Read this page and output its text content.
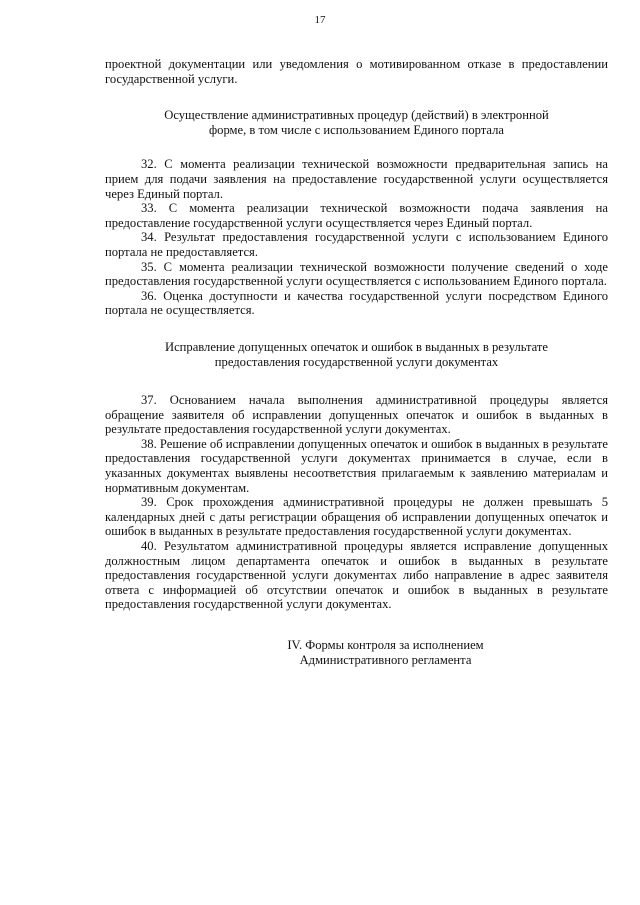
17

проектной документации или уведомления о мотивированном отказе в предоставлении государственной услуги.

Осуществление административных процедур (действий) в электронной

форме, в том числе с использованием Единого портала

32. С момента реализации технической возможности предварительная запись на прием для подачи заявления на предоставление государственной услуги осуществляется через Единый портал.

33. С момента реализации технической возможности подача заявления на предоставление государственной услуги осуществляется через Единый портал.

34. Результат предоставления государственной услуги с использованием Единого портала не предоставляется.

35. С момента реализации технической возможности получение сведений о ходе предоставления государственной услуги осуществляется с использованием Единого портала.

36. Оценка доступности и качества государственной услуги посредством Единого портала не осуществляется.

Исправление допущенных опечаток и ошибок в выданных в результате

предоставления государственной услуги документах

37. Основанием начала выполнения административной процедуры является обращение заявителя об исправлении допущенных опечаток и ошибок в выданных в результате предоставления государственной услуги документах.

38. Решение об исправлении допущенных опечаток и ошибок в выданных в результате предоставления государственной услуги документах принимается в случае, если в указанных документах выявлены несоответствия прилагаемым к заявлению материалам и нормативным документам.

39. Срок прохождения административной процедуры не должен превышать 5 календарных дней с даты регистрации обращения об исправлении допущенных опечаток и ошибок в выданных в результате предоставления государственной услуги документах.

40. Результатом административной процедуры является исправление допущенных должностным лицом департамента опечаток и ошибок в выданных в результате предоставления государственной услуги документах либо направление в адрес заявителя ответа с информацией об отсутствии опечаток и ошибок в выданных в результате предоставления государственной услуги документах.

IV. Формы контроля за исполнением

Административного регламента
